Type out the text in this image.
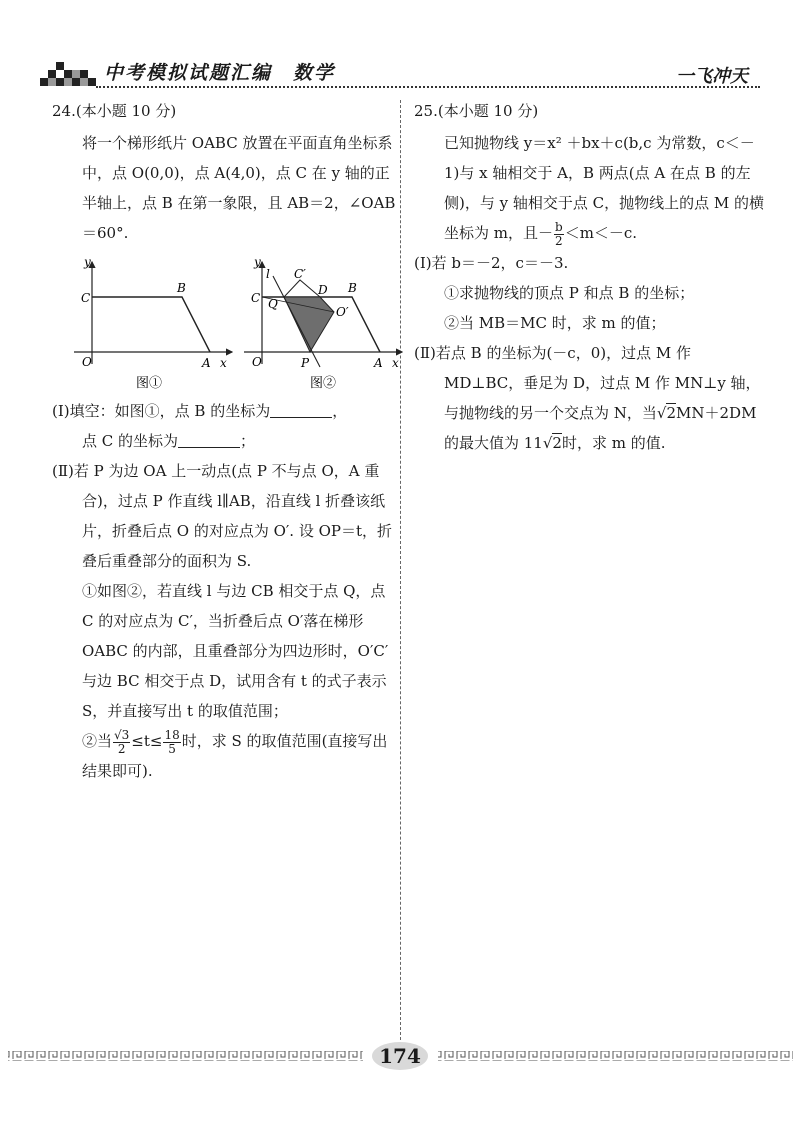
中考模拟试题汇编　数学	一飞冲天

24.(本小题 10 分)

将一个梯形纸片 OABC 放置在平面直角坐标系中，点 O(0,0)，点 A(4,0)，点 C 在 y 轴的正半轴上，点 B 在第一象限，且 AB＝2，∠OAB＝60°.

y
x
O	A
B
C
图①
y
x
O	A
B
C
l C′
D
Q
O′
P
图②

(Ⅰ)填空：如图①，点 B 的坐标为	，

点 C 的坐标为	；

(Ⅱ)若 P 为边 OA 上一动点(点 P 不与点 O，A 重合)，过点 P 作直线 l∥AB，沿直线 l 折叠该纸片，折叠后点 O 的对应点为 O′. 设 OP＝t，折叠后重叠部分的面积为 S.

①如图②，若直线 l 与边 CB 相交于点 Q，点 C 的对应点为 C′，当折叠后点 O′落在梯形 OABC 的内部，且重叠部分为四边形时，O′C′与边 BC 相交于点 D，试用含有 t 的式子表示 S，并直接写出 t 的取值范围；

②当 $\frac{√3}{2} \le t\le \frac{18}{5}$ 时，求 S 的取值范围(直接写出结果即可).

25.(本小题 10 分)

已知抛物线 y＝x² ＋bx＋c(b,c 为常数，c＜－1)与 x 轴相交于 A，B 两点(点 A 在点 B 的左侧)，与 y 轴相交于点 C，抛物线上的点 M 的横坐标为 m，且－ $\frac{b}{2} <m<-c$.

(Ⅰ)若 b＝－2，c＝－3.

①求抛物线的顶点 P 和点 B 的坐标；

②当 MB＝MC 时，求 m 的值；

(Ⅱ)若点 B 的坐标为(－c，0)，过点 M 作 MD⊥BC，垂足为 D，过点 M 作 MN⊥y 轴，与抛物线的另一个交点为 N，当√2MN＋2DM 的最大值为 11√2时，求 m 的值.

174
